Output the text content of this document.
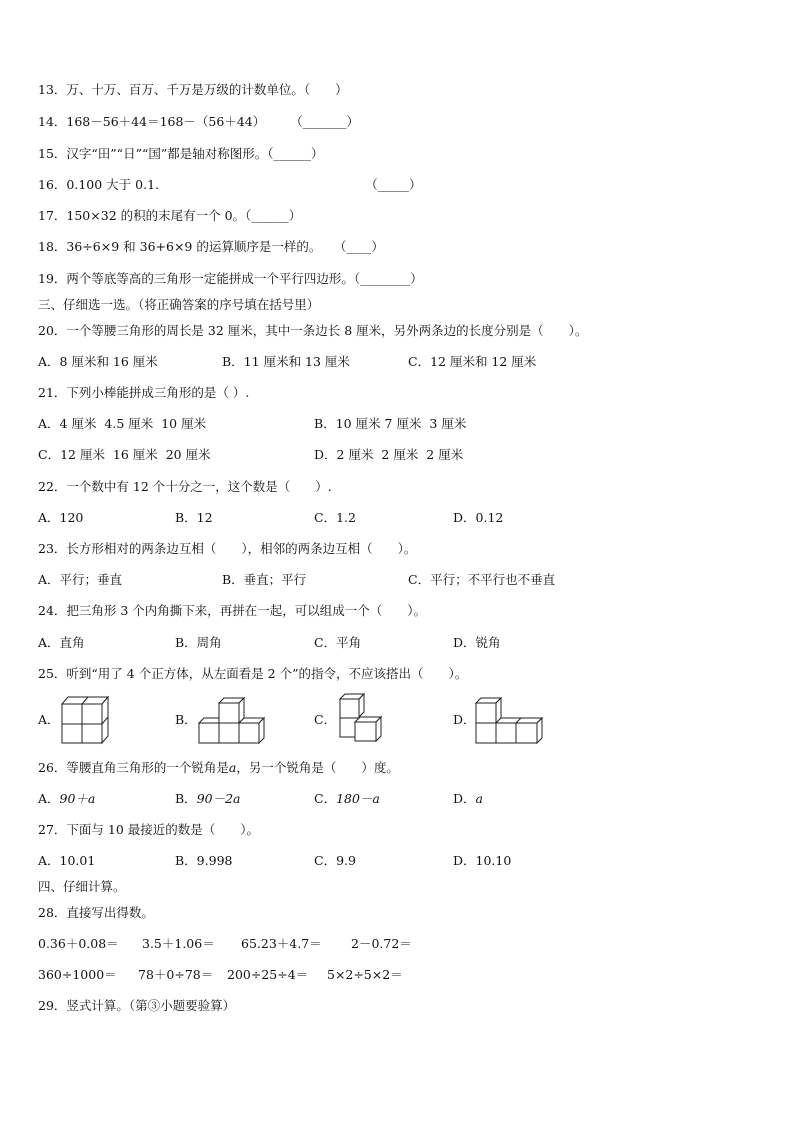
13．万、十万、百万、千万是万级的计数单位。（　　）
14．168－56＋44＝168－（56＋44）　　　（_______）
15．汉字“田”“日”“国”都是轴对称图形。（______）
16．0.100 大于 0.1.　　　　　　　　　　　　　　　　　（_____）
17．150×32 的积的末尾有一个 0。（______）
18．36÷6×9 和 36+6×9 的运算顺序是一样的。　　（____）
19．两个等底等高的三角形一定能拼成一个平行四边形。（________）
三、仔细选一选。（将正确答案的序号填在括号里）
20．一个等腰三角形的周长是 32 厘米，其中一条边长 8 厘米，另外两条边的长度分别是（　　）。
A．8 厘米和 16 厘米	B．11 厘米和 13 厘米	C．12 厘米和 12 厘米
21．下列小棒能拼成三角形的是（ ）.
A．4 厘米  4.5 厘米  10 厘米	B．10 厘米 7 厘米  3 厘米
C．12 厘米  16 厘米  20 厘米	D．2 厘米  2 厘米  2 厘米
22．一个数中有 12 个十分之一，这个数是（　　）.
A．120	B．12	C．1.2	D．0.12
23．长方形相对的两条边互相（　　），相邻的两条边互相（　　）。
A．平行；垂直	B．垂直；平行	C．平行；不平行也不垂直
24．把三角形 3 个内角撕下来，再拼在一起，可以组成一个（　　）。
A．直角	B．周角	C．平角	D．锐角
25．听到“用了 4 个正方体，从左面看是 2 个”的指令，不应该搭出（　　）。
A．	B．	C．	D．
26．等腰直角三角形的一个锐角是a，另一个锐角是（　　）度。
A．90＋a	B．90－2a	C．180－a	D．a
27．下面与 10 最接近的数是（　　）。
A．10.01	B．9.998	C．9.9	D．10.10
四、仔细计算。
28．直接写出得数。
0.36＋0.08＝ 3.5＋1.06＝ 65.23＋4.7＝ 2－0.72＝
360÷1000＝ 78＋0÷78＝ 200÷25÷4＝ 5×2÷5×2＝
29．竖式计算。（第③小题要验算）
